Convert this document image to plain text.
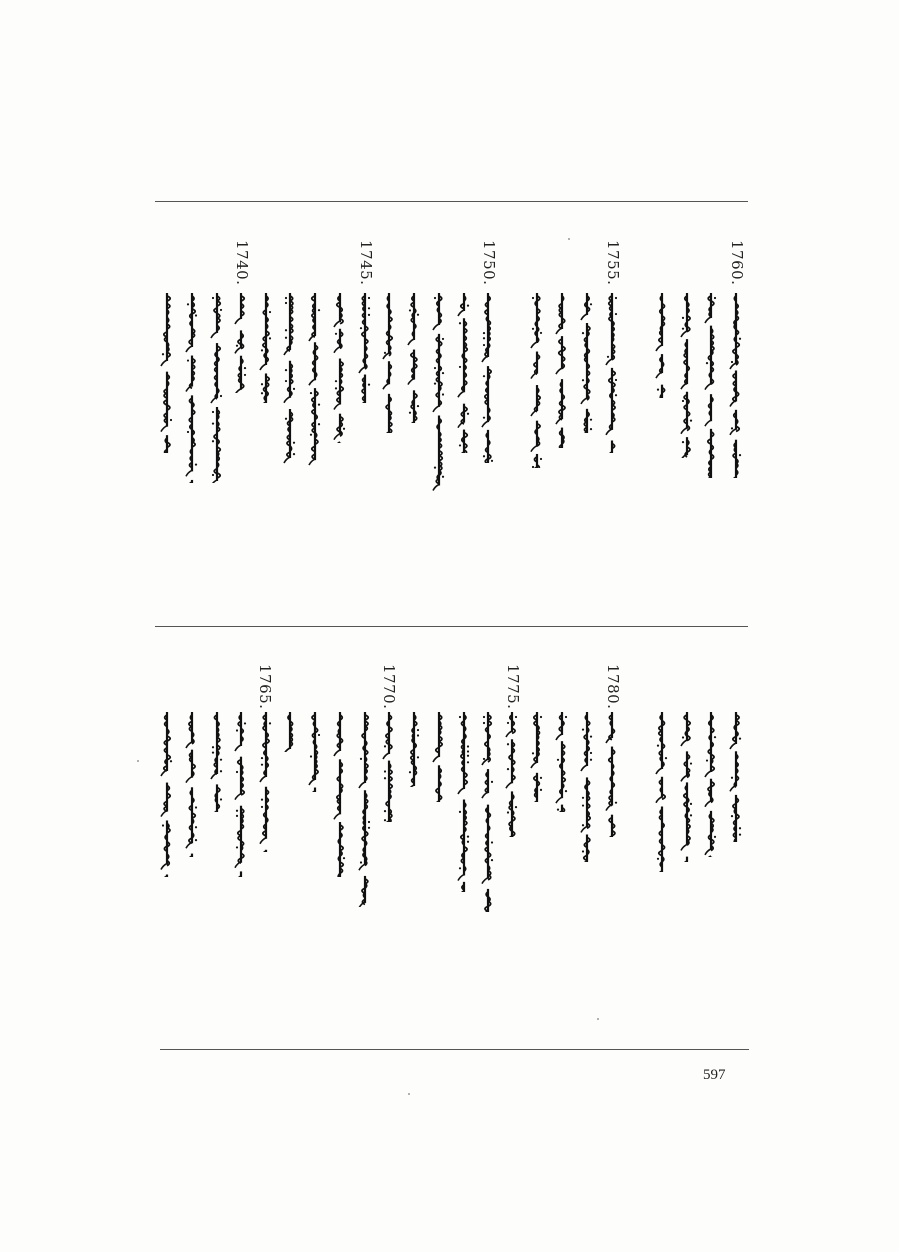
1760.
1755.
1750.
1745.
1740.
1780.
1775.
1770.
1765.
597
